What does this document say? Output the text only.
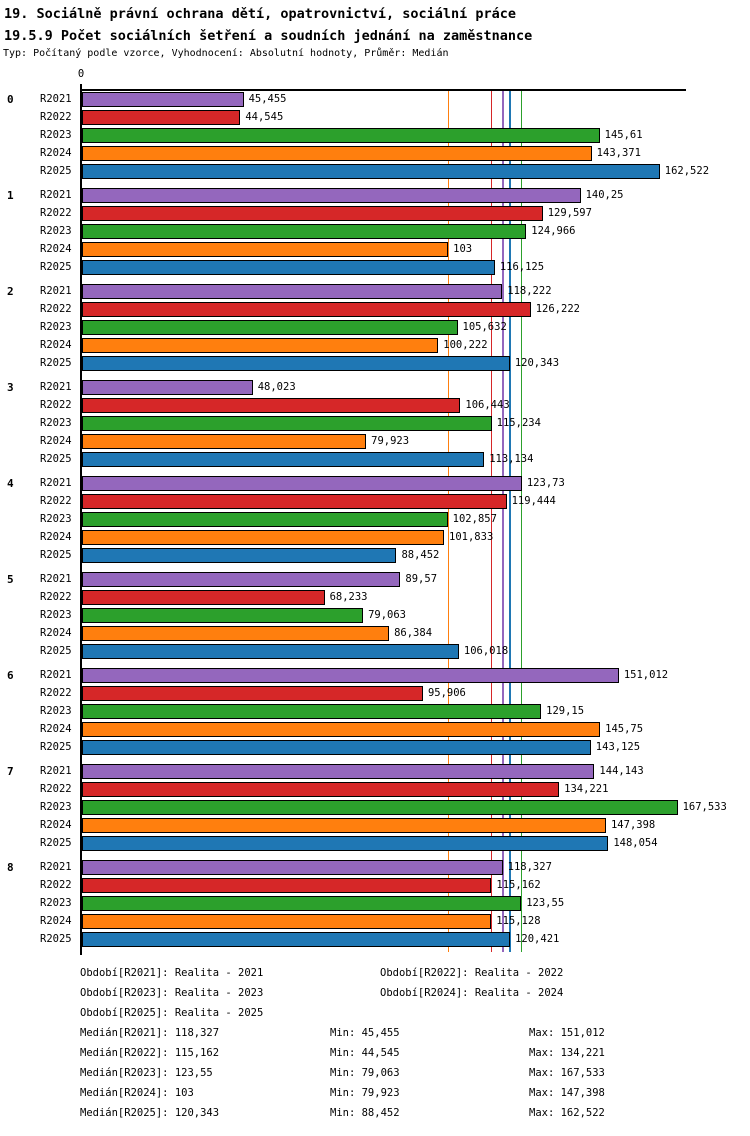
19. Sociálně právní ochrana dětí, opatrovnictví, sociální práce
19.5.9 Počet sociálních šetření a soudních jednání na zaměstnance
Typ: Počítaný podle vzorce, Vyhodnocení: Absolutní hodnoty, Průměr: Medián
0
0	R2021	45,455
R2022	44,545
R2023	145,61
R2024	143,371
R2025	162,522
1	R2021	140,25
R2022	129,597
R2023	124,966
R2024	103
R2025	116,125
2	R2021	118,222
R2022	126,222
R2023	105,632
R2024	100,222
R2025	120,343
3	R2021	48,023
R2022	106,443
R2023	115,234
R2024	79,923
R2025	113,134
4	R2021	123,73
R2022	119,444
R2023	102,857
R2024	101,833
R2025	88,452
5	R2021	89,57
R2022	68,233
R2023	79,063
R2024	86,384
R2025	106,018
6	R2021	151,012
R2022	95,906
R2023	129,15
R2024	145,75
R2025	143,125
7	R2021	144,143
R2022	134,221
R2023	167,533
R2024	147,398
R2025	148,054
8	R2021	118,327
R2022	115,162
R2023	123,55
R2024	115,128
R2025	120,421
Období[R2021]: Realita - 2021	Období[R2022]: Realita - 2022
Období[R2023]: Realita - 2023	Období[R2024]: Realita - 2024
Období[R2025]: Realita - 2025
Medián[R2021]: 118,327	Min: 45,455	Max: 151,012
Medián[R2022]: 115,162	Min: 44,545	Max: 134,221
Medián[R2023]: 123,55	Min: 79,063	Max: 167,533
Medián[R2024]: 103	Min: 79,923	Max: 147,398
Medián[R2025]: 120,343	Min: 88,452	Max: 162,522
